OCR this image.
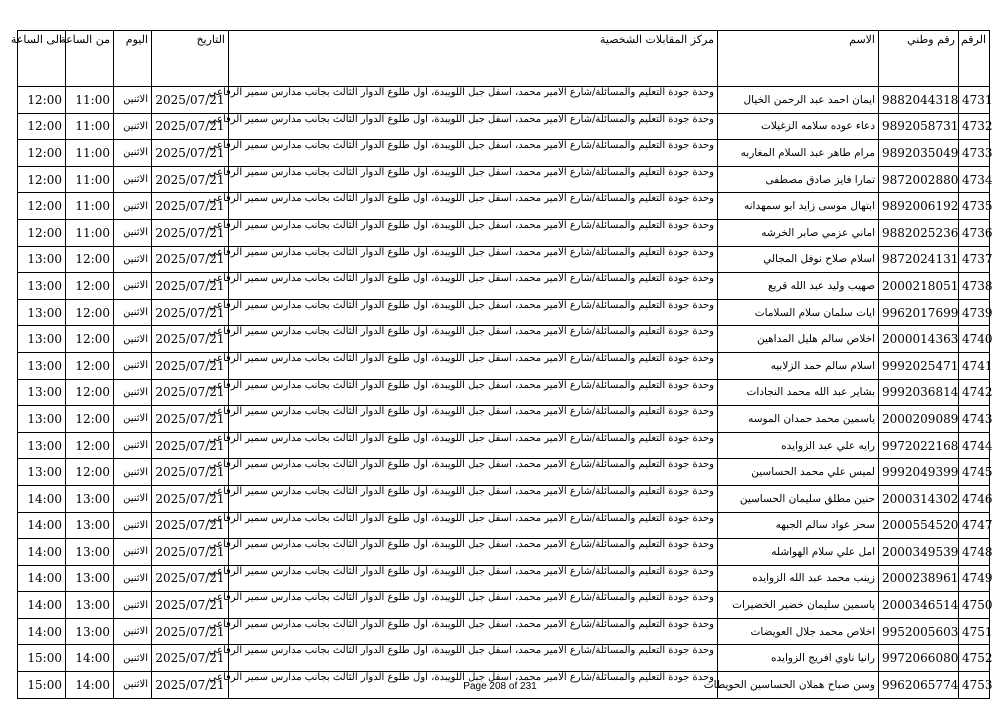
الى الساعة	من الساعة	اليوم	التاريخ	مركز المقابلات الشخصية	الاسم	رقم وطني	الرقم
12:00	11:00	الاثنين	2025/07/21	وحدة جودة التعليم والمسائلة/شارع الامير محمد، اسفل جبل اللويبدة، اول طلوع الدوار الثالث بجانب مدارس سمير الرفاعي	ايمان احمد عبد الرحمن الخيال	9882044318	4731
12:00	11:00	الاثنين	2025/07/21	وحدة جودة التعليم والمسائلة/شارع الامير محمد، اسفل جبل اللويبدة، اول طلوع الدوار الثالث بجانب مدارس سمير الرفاعي	دعاء عوده سلامه الزغيلات	9892058731	4732
12:00	11:00	الاثنين	2025/07/21	وحدة جودة التعليم والمسائلة/شارع الامير محمد، اسفل جبل اللويبدة، اول طلوع الدوار الثالث بجانب مدارس سمير الرفاعي	مرام طاهر عبد السلام المغاربه	9892035049	4733
12:00	11:00	الاثنين	2025/07/21	وحدة جودة التعليم والمسائلة/شارع الامير محمد، اسفل جبل اللويبدة، اول طلوع الدوار الثالث بجانب مدارس سمير الرفاعي	تمارا فايز صادق مصطفى	9872002880	4734
12:00	11:00	الاثنين	2025/07/21	وحدة جودة التعليم والمسائلة/شارع الامير محمد، اسفل جبل اللويبدة، اول طلوع الدوار الثالث بجانب مدارس سمير الرفاعي	ابتهال موسى زايد ابو سمهدانه	9892006192	4735
12:00	11:00	الاثنين	2025/07/21	وحدة جودة التعليم والمسائلة/شارع الامير محمد، اسفل جبل اللويبدة، اول طلوع الدوار الثالث بجانب مدارس سمير الرفاعي	اماني عزمي صابر الخرشه	9882025236	4736
13:00	12:00	الاثنين	2025/07/21	وحدة جودة التعليم والمسائلة/شارع الامير محمد، اسفل جبل اللويبدة، اول طلوع الدوار الثالث بجانب مدارس سمير الرفاعي	اسلام صلاح نوفل المجالي	9872024131	4737
13:00	12:00	الاثنين	2025/07/21	وحدة جودة التعليم والمسائلة/شارع الامير محمد، اسفل جبل اللويبدة، اول طلوع الدوار الثالث بجانب مدارس سمير الرفاعي	صهيب وليد عبد الله قريع	2000218051	4738
13:00	12:00	الاثنين	2025/07/21	وحدة جودة التعليم والمسائلة/شارع الامير محمد، اسفل جبل اللويبدة، اول طلوع الدوار الثالث بجانب مدارس سمير الرفاعي	ايات سلمان سلام السلامات	9962017699	4739
13:00	12:00	الاثنين	2025/07/21	وحدة جودة التعليم والمسائلة/شارع الامير محمد، اسفل جبل اللويبدة، اول طلوع الدوار الثالث بجانب مدارس سمير الرفاعي	اخلاص سالم هليل المداهين	2000014363	4740
13:00	12:00	الاثنين	2025/07/21	وحدة جودة التعليم والمسائلة/شارع الامير محمد، اسفل جبل اللويبدة، اول طلوع الدوار الثالث بجانب مدارس سمير الرفاعي	اسلام سالم حمد الزلابيه	9992025471	4741
13:00	12:00	الاثنين	2025/07/21	وحدة جودة التعليم والمسائلة/شارع الامير محمد، اسفل جبل اللويبدة، اول طلوع الدوار الثالث بجانب مدارس سمير الرفاعي	بشاير عبد الله محمد النجادات	9992036814	4742
13:00	12:00	الاثنين	2025/07/21	وحدة جودة التعليم والمسائلة/شارع الامير محمد، اسفل جبل اللويبدة، اول طلوع الدوار الثالث بجانب مدارس سمير الرفاعي	ياسمين محمد حمدان الموسه	2000209089	4743
13:00	12:00	الاثنين	2025/07/21	وحدة جودة التعليم والمسائلة/شارع الامير محمد، اسفل جبل اللويبدة، اول طلوع الدوار الثالث بجانب مدارس سمير الرفاعي	رايه علي عبد الزوايده	9972022168	4744
13:00	12:00	الاثنين	2025/07/21	وحدة جودة التعليم والمسائلة/شارع الامير محمد، اسفل جبل اللويبدة، اول طلوع الدوار الثالث بجانب مدارس سمير الرفاعي	لميس علي محمد الحساسين	9992049399	4745
14:00	13:00	الاثنين	2025/07/21	وحدة جودة التعليم والمسائلة/شارع الامير محمد، اسفل جبل اللويبدة، اول طلوع الدوار الثالث بجانب مدارس سمير الرفاعي	حنين مطلق سليمان الحساسين	2000314302	4746
14:00	13:00	الاثنين	2025/07/21	وحدة جودة التعليم والمسائلة/شارع الامير محمد، اسفل جبل اللويبدة، اول طلوع الدوار الثالث بجانب مدارس سمير الرفاعي	سحر عواد سالم الجبهه	2000554520	4747
14:00	13:00	الاثنين	2025/07/21	وحدة جودة التعليم والمسائلة/شارع الامير محمد، اسفل جبل اللويبدة، اول طلوع الدوار الثالث بجانب مدارس سمير الرفاعي	امل علي سلام الهواشله	2000349539	4748
14:00	13:00	الاثنين	2025/07/21	وحدة جودة التعليم والمسائلة/شارع الامير محمد، اسفل جبل اللويبدة، اول طلوع الدوار الثالث بجانب مدارس سمير الرفاعي	زينب محمد عبد الله الزوايده	2000238961	4749
14:00	13:00	الاثنين	2025/07/21	وحدة جودة التعليم والمسائلة/شارع الامير محمد، اسفل جبل اللويبدة، اول طلوع الدوار الثالث بجانب مدارس سمير الرفاعي	ياسمين سليمان خضير الخضيرات	2000346514	4750
14:00	13:00	الاثنين	2025/07/21	وحدة جودة التعليم والمسائلة/شارع الامير محمد، اسفل جبل اللويبدة، اول طلوع الدوار الثالث بجانب مدارس سمير الرفاعي	اخلاص محمد جلال العويضات	9952005603	4751
15:00	14:00	الاثنين	2025/07/21	وحدة جودة التعليم والمسائلة/شارع الامير محمد، اسفل جبل اللويبدة، اول طلوع الدوار الثالث بجانب مدارس سمير الرفاعي	رانيا ناوي افريج الزوايده	9972066080	4752
15:00	14:00	الاثنين	2025/07/21	وحدة جودة التعليم والمسائلة/شارع الامير محمد، اسفل جبل اللويبدة، اول طلوع الدوار الثالث بجانب مدارس سمير الرفاعي	وسن صباح هملان الحساسين الحويطات	9962065774	4753
Page 208 of 231
